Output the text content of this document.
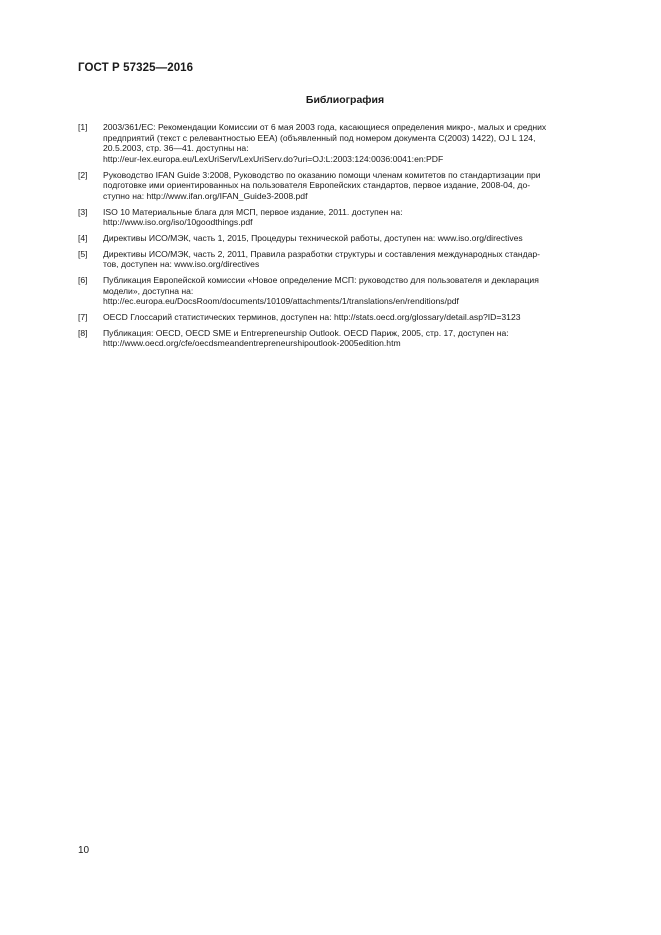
ГОСТ Р 57325—2016
Библиография
[1]	2003/361/EC: Рекомендации Комиссии от 6 мая 2003 года, касающиеся определения микро-, малых и средних
предприятий (текст с релевантностью EEA) (объявленный под номером документа С(2003) 1422), OJ L 124,
20.5.2003, стр. 36—41. доступны на:
http://eur-lex.europa.eu/LexUriServ/LexUriServ.do?uri=OJ:L:2003:124:0036:0041:en:PDF
[2]	Руководство IFAN Guide 3:2008, Руководство по оказанию помощи членам комитетов по стандартизации при
подготовке ими ориентированных на пользователя Европейских стандартов, первое издание, 2008-04, до-
ступно на: http://www.ifan.org/IFAN_Guide3-2008.pdf
[3]	ISO 10 Материальные блага для МСП, первое издание, 2011. доступен на:
http://www.iso.org/iso/10goodthings.pdf
[4]	Директивы ИСО/МЭК, часть 1, 2015, Процедуры технической работы, доступен на: www.iso.org/directives
[5]	Директивы ИСО/МЭК, часть 2, 2011, Правила разработки структуры и составления международных стандар-
тов, доступен на: www.iso.org/directives
[6]	Публикация Европейской комиссии «Новое определение МСП: руководство для пользователя и декларация
модели», доступна на:
http://ec.europa.eu/DocsRoom/documents/10109/attachments/1/translations/en/renditions/pdf
[7]	OECD Глоссарий статистических терминов, доступен на: http://stats.oecd.org/glossary/detail.asp?ID=3123
[8]	Публикация: OECD, OECD SME и Entrepreneurship Outlook. OECD Париж, 2005, стр. 17, доступен на:
http://www.oecd.org/cfe/oecdsmeandentrepreneurshipoutlook-2005edition.htm
10
